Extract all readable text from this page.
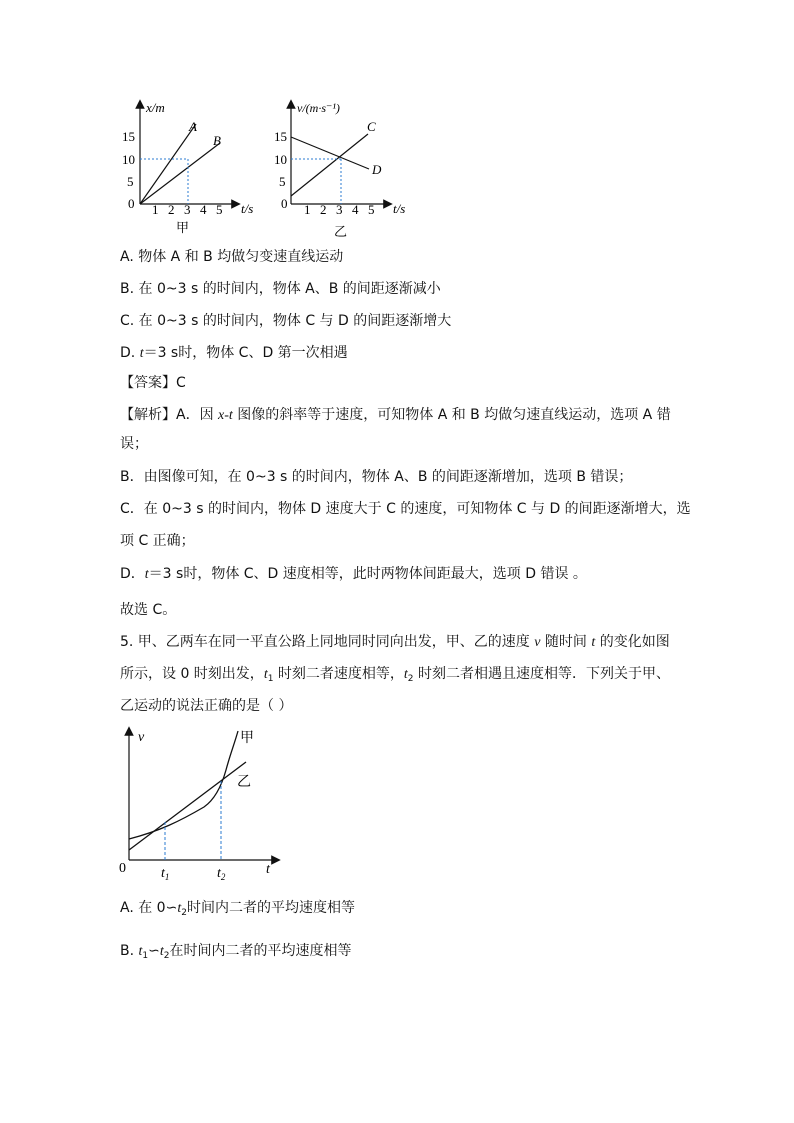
x/m
t/s
15
10
5
0 1 2 3 4 5
A
B
甲
v/(m·s⁻¹)
t/s
15
10
5
0 1 2 3 4 5
C
D
乙
A. 物体 A 和 B 均做匀变速直线运动
B. 在 0~3 s 的时间内，物体 A、B 的间距逐渐减小
C. 在 0~3 s 的时间内，物体 C 与 D 的间距逐渐增大
D. t＝3 s时，物体 C、D 第一次相遇
【答案】C
【解析】A．因 x-t 图像的斜率等于速度，可知物体 A 和 B 均做匀速直线运动，选项 A 错
误；
B．由图像可知，在 0~3 s 的时间内，物体 A、B 的间距逐渐增加，选项 B 错误；
C．在 0~3 s 的时间内，物体 D 速度大于 C 的速度，可知物体 C 与 D 的间距逐渐增大，选
项 C 正确；
D．t＝3 s时，物体 C、D 速度相等，此时两物体间距最大，选项 D 错误 。
故选 C。
5. 甲、乙两车在同一平直公路上同地同时同向出发，甲、乙的速度 v 随时间 t 的变化如图
所示，设 0 时刻出发，$t_1$ 时刻二者速度相等，$t_2$ 时刻二者相遇且速度相等．下列关于甲、
乙运动的说法正确的是（ ）
v
t
0	$t_1$	$t_2$
甲
乙
A. 在 $0∽t_2$时间内二者的平均速度相等
B. $t_1∽t_2$在时间内二者的平均速度相等
